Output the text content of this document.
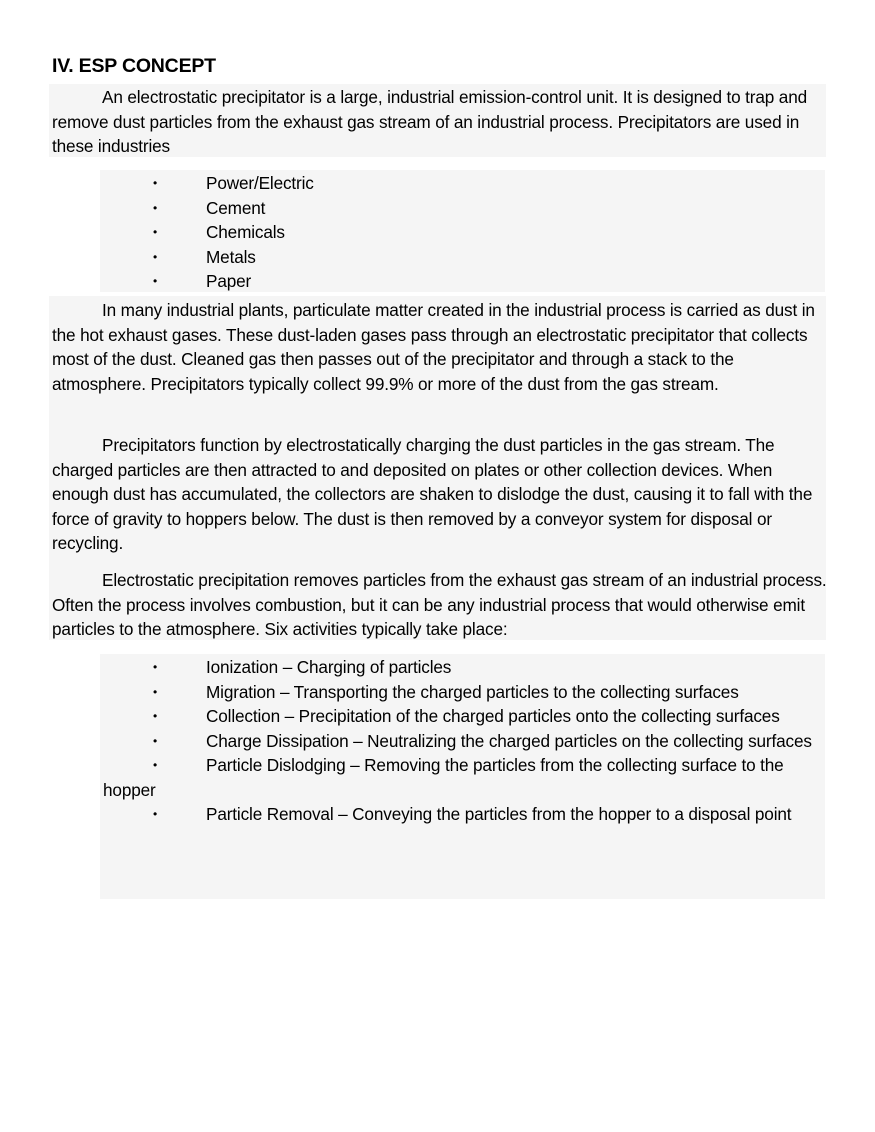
IV. ESP CONCEPT

An electrostatic precipitator is a large, industrial emission-control unit. It is designed to trap and remove dust particles from the exhaust gas stream of an industrial process. Precipitators are used in these industries

•	Power/Electric
•	Cement
•	Chemicals
•	Metals
•	Paper

In many industrial plants, particulate matter created in the industrial process is carried as dust in the hot exhaust gases. These dust-laden gases pass through an electrostatic precipitator that collects most of the dust. Cleaned gas then passes out of the precipitator and through a stack to the atmosphere. Precipitators typically collect 99.9% or more of the dust from the gas stream.

Precipitators function by electrostatically charging the dust particles in the gas stream. The charged particles are then attracted to and deposited on plates or other collection devices. When enough dust has accumulated, the collectors are shaken to dislodge the dust, causing it to fall with the force of gravity to hoppers below. The dust is then removed by a conveyor system for disposal or recycling.

Electrostatic precipitation removes particles from the exhaust gas stream of an industrial process. Often the process involves combustion, but it can be any industrial process that would otherwise emit particles to the atmosphere. Six activities typically take place:

•	Ionization – Charging of particles
•	Migration – Transporting the charged particles to the collecting surfaces
•	Collection – Precipitation of the charged particles onto the collecting surfaces
•	Charge Dissipation – Neutralizing the charged particles on the collecting surfaces
•	Particle Dislodging – Removing the particles from the collecting surface to the hopper
•	Particle Removal – Conveying the particles from the hopper to a disposal point
